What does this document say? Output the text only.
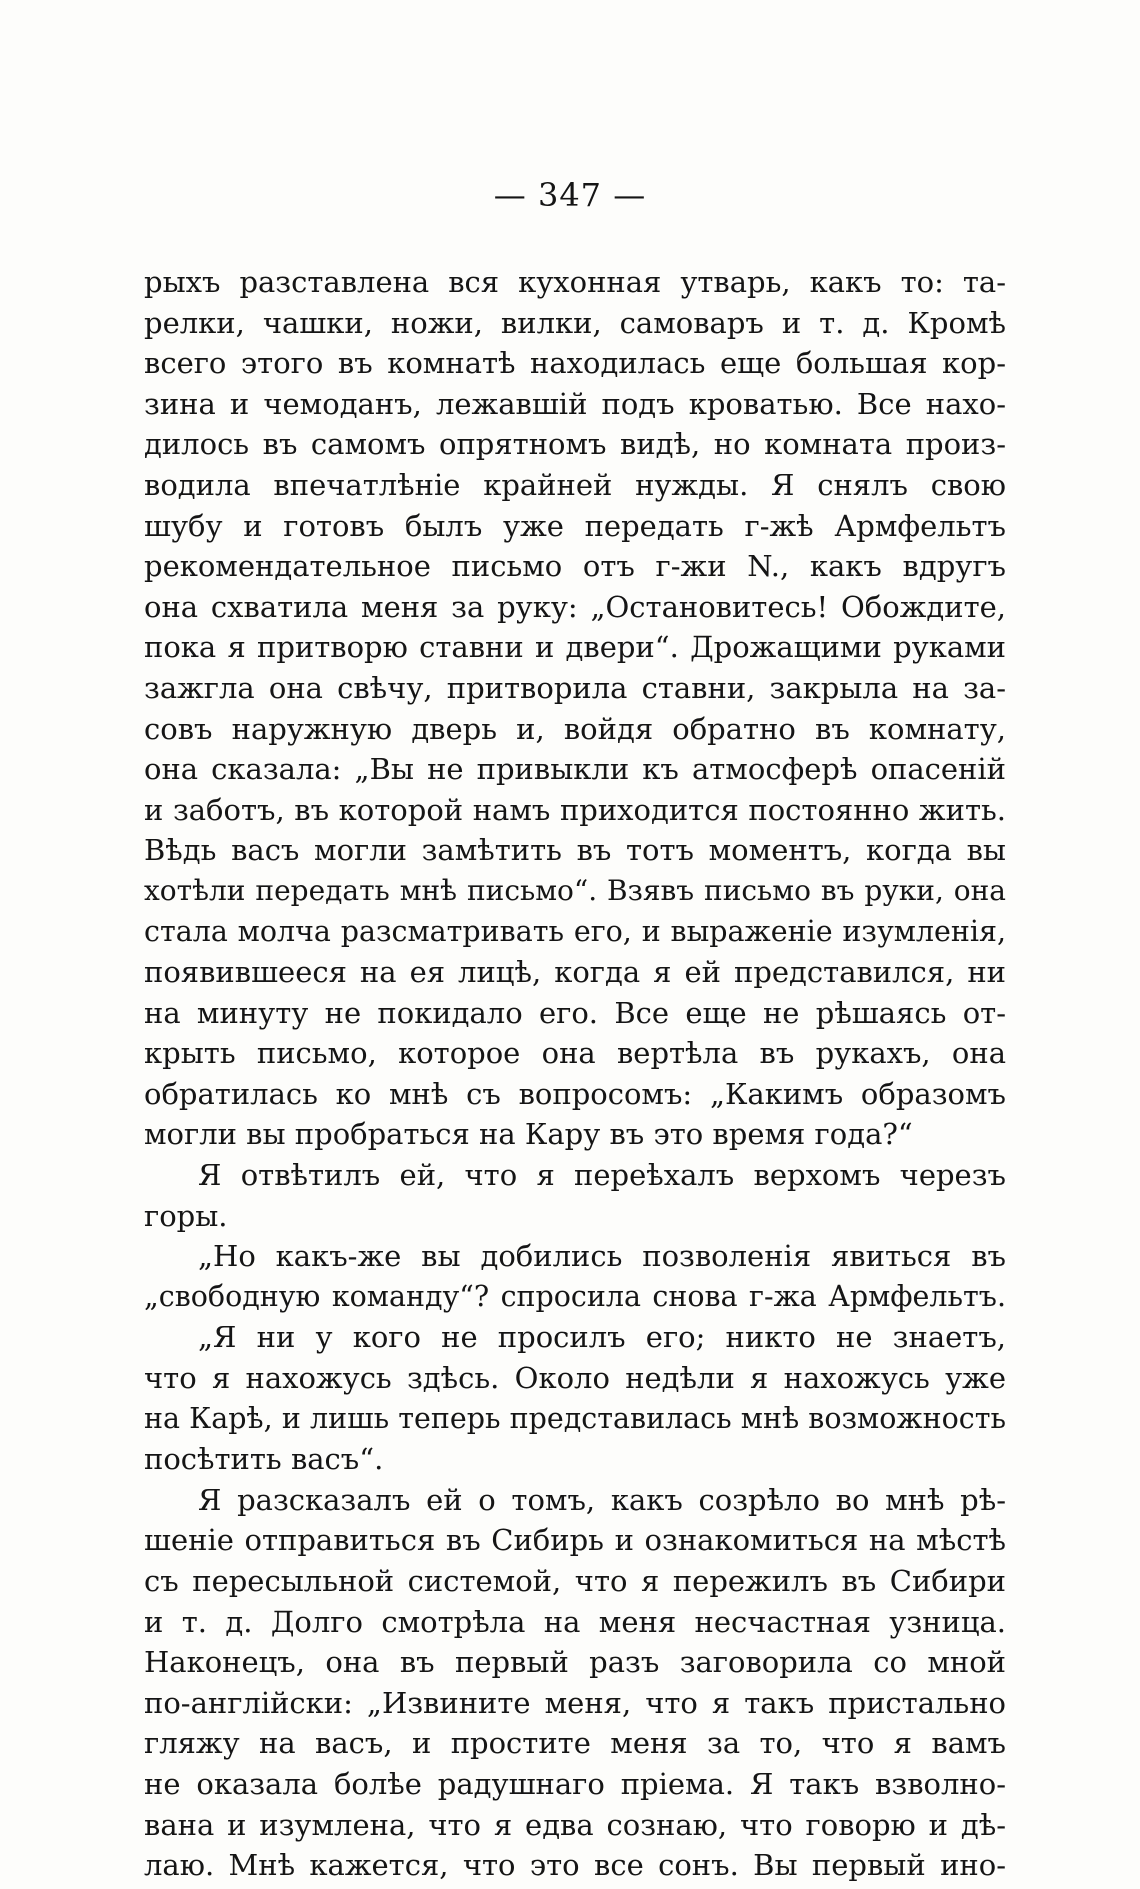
— 347 —
рыхъ разставлена вся кухонная утварь, какъ то: та-
релки, чашки, ножи, вилки, самоваръ и т. д. Кромѣ
всего этого въ комнатѣ находилась еще большая кор-
зина и чемоданъ, лежавшій подъ кроватью. Все нахо-
дилось въ самомъ опрятномъ видѣ, но комната произ-
водила впечатлѣніе крайней нужды. Я снялъ свою
шубу и готовъ былъ уже передать г-жѣ Армфельтъ
рекомендательное письмо отъ г-жи N., какъ вдругъ
она схватила меня за руку: „Остановитесь! Обождите,
пока я притворю ставни и двери“. Дрожащими руками
зажгла она свѣчу, притворила ставни, закрыла на за-
совъ наружную дверь и, войдя обратно въ комнату,
она сказала: „Вы не привыкли къ атмосферѣ опасеній
и заботъ, въ которой намъ приходится постоянно жить.
Вѣдь васъ могли замѣтить въ тотъ моментъ, когда вы
хотѣли передать мнѣ письмо“. Взявъ письмо въ руки, она
стала молча разсматривать его, и выраженіе изумленія,
появившееся на ея лицѣ, когда я ей представился, ни
на минуту не покидало его. Все еще не рѣшаясь от-
крыть письмо, которое она вертѣла въ рукахъ, она
обратилась ко мнѣ съ вопросомъ: „Какимъ образомъ
могли вы пробраться на Кару въ это время года?“
Я отвѣтилъ ей, что я переѣхалъ верхомъ черезъ
горы.
„Но какъ-же вы добились позволенія явиться въ
„свободную команду“? спросила снова г-жа Армфельтъ.
„Я ни у кого не просилъ его; никто не знаетъ,
что я нахожусь здѣсь. Около недѣли я нахожусь уже
на Карѣ, и лишь теперь представилась мнѣ возможность
посѣтить васъ“.
Я разсказалъ ей о томъ, какъ созрѣло во мнѣ рѣ-
шеніе отправиться въ Сибирь и ознакомиться на мѣстѣ
съ пересыльной системой, что я пережилъ въ Сибири
и т. д. Долго смотрѣла на меня несчастная узница.
Наконецъ, она въ первый разъ заговорила со мной
по-англійски: „Извините меня, что я такъ пристально
гляжу на васъ, и простите меня за то, что я вамъ
не оказала болѣе радушнаго пріема. Я такъ взволно-
вана и изумлена, что я едва сознаю, что говорю и дѣ-
лаю. Мнѣ кажется, что это все сонъ. Вы первый ино-
